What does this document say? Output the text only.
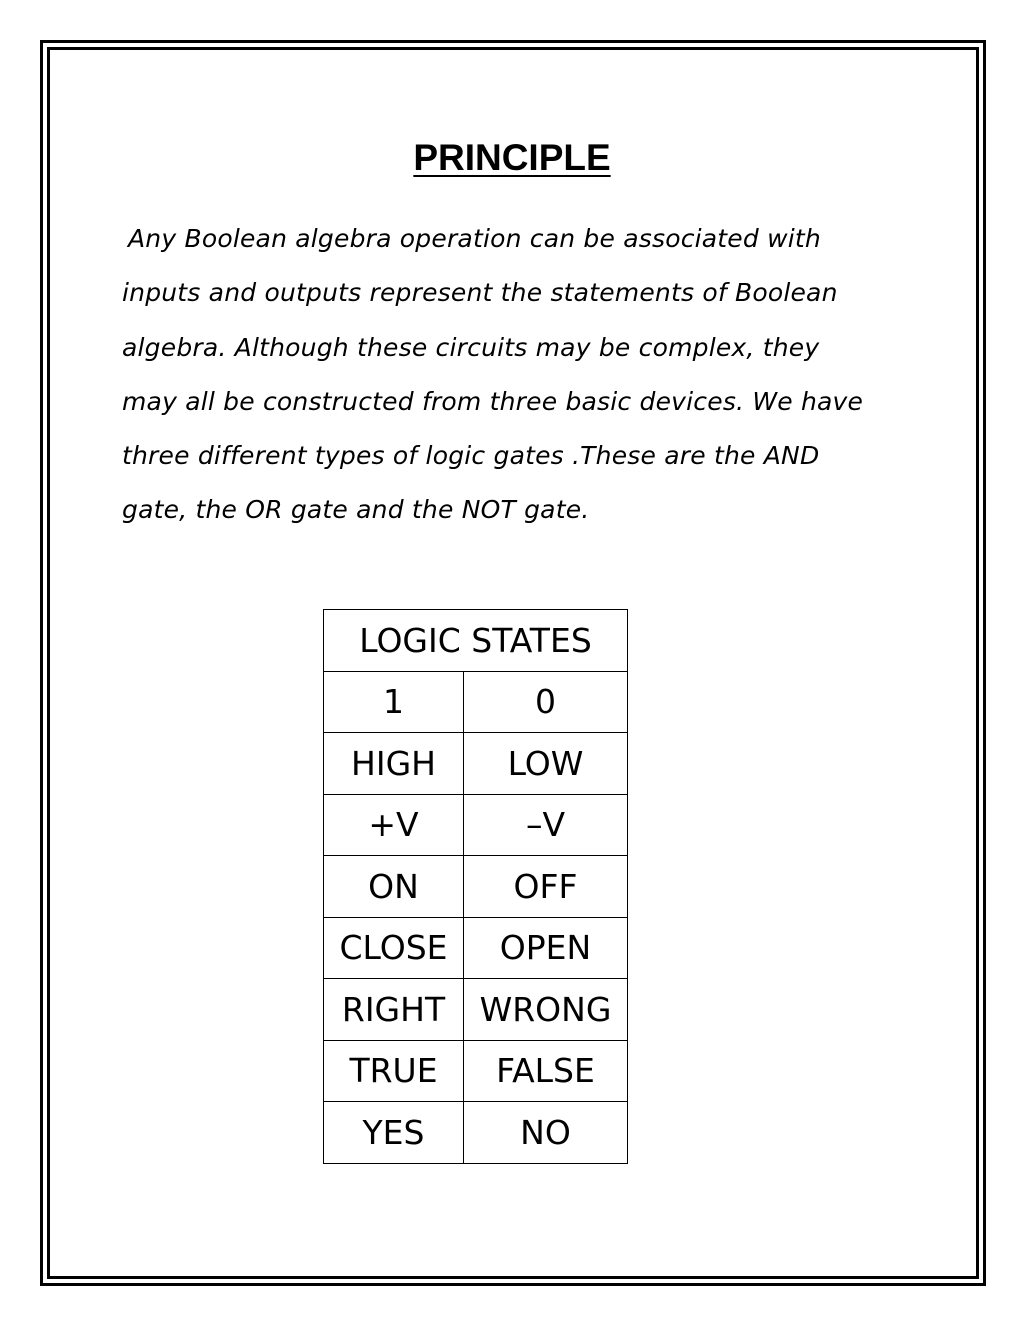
PRINCIPLE
Any Boolean algebra operation can be associated with
inputs and outputs represent the statements of Boolean
algebra. Although these circuits may be complex, they
may all be constructed from three basic devices. We have
three different types of logic gates .These are the AND
gate, the OR gate and the NOT gate.
LOGIC STATES	
1	0
HIGH	LOW
+V	–V
ON	OFF
CLOSE	OPEN
RIGHT	WRONG
TRUE	FALSE
YES	NO
